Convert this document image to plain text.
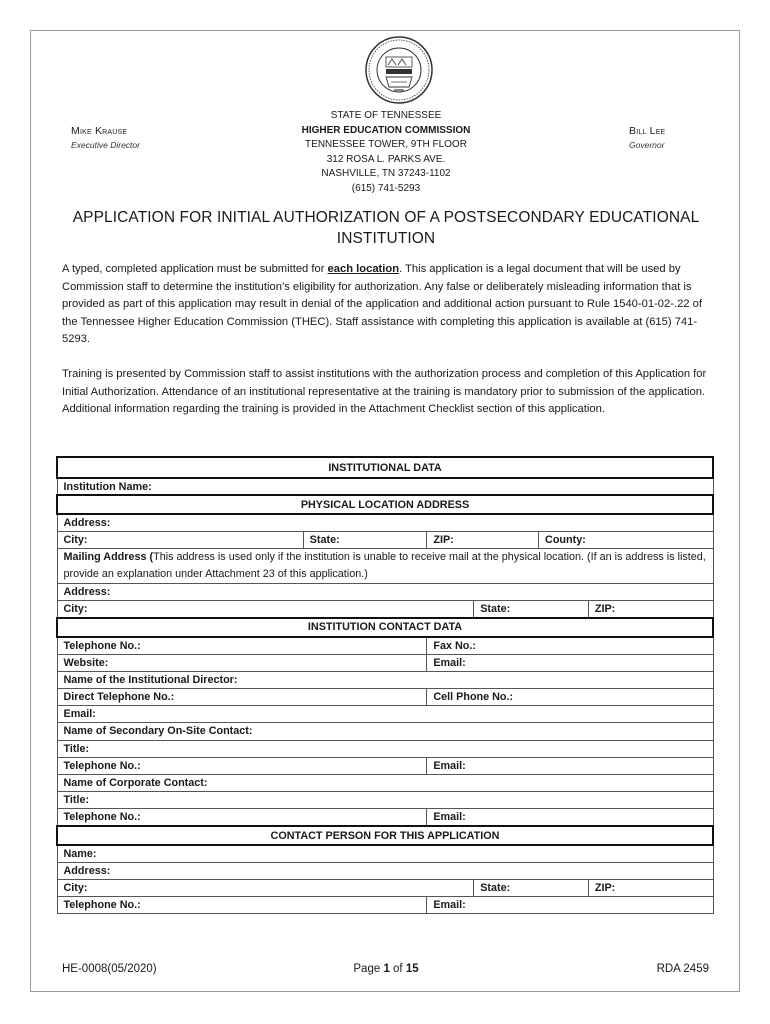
Mike Krause
Executive Director
STATE OF TENNESSEE
HIGHER EDUCATION COMMISSION
TENNESSEE TOWER, 9TH FLOOR
312 ROSA L. PARKS AVE.
NASHVILLE, TN 37243-1102
(615) 741-5293
Bill Lee
Governor
APPLICATION FOR INITIAL AUTHORIZATION OF A POSTSECONDARY EDUCATIONAL
INSTITUTION
A typed, completed application must be submitted for each location. This application is a legal document that will be used by Commission staff to determine the institution’s eligibility for authorization. Any false or deliberately misleading information that is provided as part of this application may result in denial of the application and additional action pursuant to Rule 1540-01-02-.22 of the Tennessee Higher Education Commission (THEC). Staff assistance with completing this application is available at (615) 741-5293.
Training is presented by Commission staff to assist institutions with the authorization process and completion of this Application for Initial Authorization. Attendance of an institutional representative at the training is mandatory prior to submission of the application. Additional information regarding the training is provided in the Attachment Checklist section of this application.
INSTITUTIONAL DATA					
Institution Name:					
PHYSICAL LOCATION ADDRESS					
Address:					
City:	State:	ZIP:		County:	
Mailing Address (This address is used only if the institution is unable to receive mail at the physical location. (If an is address is listed, provide an explanation under Attachment 23 of this application.)					
Address:					
City:			State:		ZIP:
INSTITUTION CONTACT DATA					
Telephone No.:		Fax No.:			
Website:		Email:			
Name of the Institutional Director:					
Direct Telephone No.:		Cell Phone No.:			
Email:					
Name of Secondary On-Site Contact:					
Title:					
Telephone No.:		Email:			
Name of Corporate Contact:					
Title:					
Telephone No.:		Email:			
CONTACT PERSON FOR THIS APPLICATION					
Name:					
Address:					
City:			State:		ZIP:
Telephone No.:		Email:			
HE-0008(05/2020)	Page 1 of 15	RDA 2459
